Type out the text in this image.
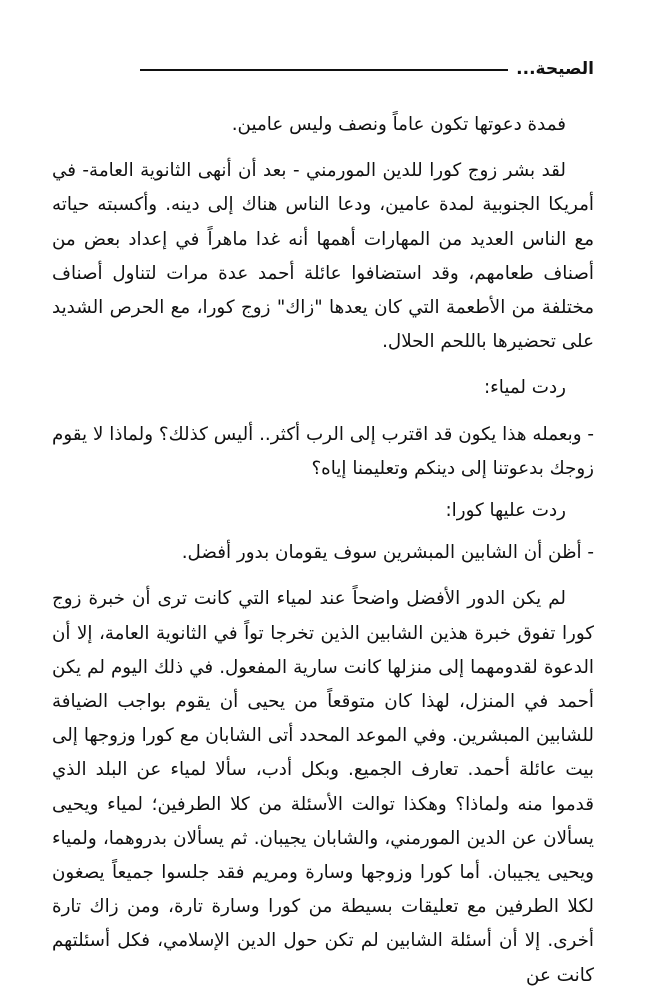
الصيحة...

فمدة دعوتها تكون عاماً ونصف وليس عامين.

لقد بشر زوج كورا للدين المورمني - بعد أن أنهى الثانوية العامة- في أمريكا الجنوبية لمدة عامين، ودعا الناس هناك إلى دينه. وأكسبته حياته مع الناس العديد من المهارات أهمها أنه غدا ماهراً في إعداد بعض من أصناف طعامهم، وقد استضافوا عائلة أحمد عدة مرات لتناول أصناف مختلفة من الأطعمة التي كان يعدها "زاك" زوج كورا، مع الحرص الشديد على تحضيرها باللحم الحلال.

ردت لمياء:

- وبعمله هذا يكون قد اقترب إلى الرب أكثر.. أليس كذلك؟ ولماذا لا يقوم زوجك بدعوتنا إلى دينكم وتعليمنا إياه؟

ردت عليها كورا:

- أظن أن الشابين المبشرين سوف يقومان بدور أفضل.

لم يكن الدور الأفضل واضحاً عند لمياء التي كانت ترى أن خبرة زوج كورا تفوق خبرة هذين الشابين الذين تخرجا تواً في الثانوية العامة، إلا أن الدعوة لقدومهما إلى منزلها كانت سارية المفعول. في ذلك اليوم لم يكن أحمد في المنزل، لهذا كان متوقعاً من يحيى أن يقوم بواجب الضيافة للشابين المبشرين. وفي الموعد المحدد أتى الشابان مع كورا وزوجها إلى بيت عائلة أحمد. تعارف الجميع. وبكل أدب، سألا لمياء عن البلد الذي قدموا منه ولماذا؟ وهكذا توالت الأسئلة من كلا الطرفين؛ لمياء ويحيى يسألان عن الدين المورمني، والشابان يجيبان. ثم يسألان بدروهما، ولمياء ويحيى يجيبان. أما كورا وزوجها وسارة ومريم فقد جلسوا جميعاً يصغون لكلا الطرفين مع تعليقات بسيطة من كورا وسارة تارة، ومن زاك تارة أخرى. إلا أن أسئلة الشابين لم تكن حول الدين الإسلامي، فكل أسئلتهم كانت عن
